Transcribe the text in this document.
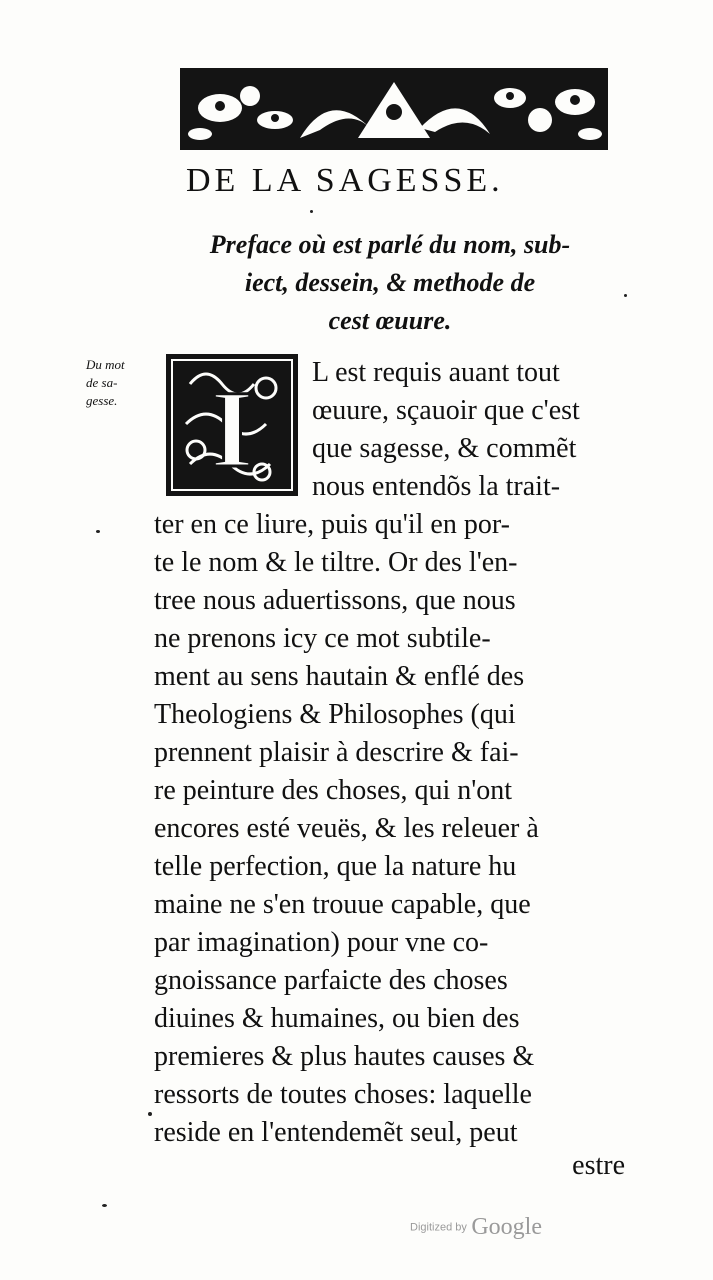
DE LA SAGESSE.
Preface où est parlé du nom, sub-
iect, dessein, & methode de
cest œuure.
Du mot
de sa-
gesse. I L est requis auant tout
œuure, sçauoir que c'est
que sagesse, & commẽt
nous entendõs la trait-
ter en ce liure, puis qu'il en por-
te le nom & le tiltre. Or des l'en-
tree nous aduertissons, que nous
ne prenons icy ce mot subtile-
ment au sens hautain & enflé des
Theologiens & Philosophes (qui
prennent plaisir à descrire & fai-
re peinture des choses, qui n'ont
encores esté veuës, & les releuer à
telle perfection, que la nature hu
maine ne s'en trouue capable, que
par imagination) pour vne co-
gnoissance parfaicte des choses
diuines & humaines, ou bien des
premieres & plus hautes causes &
ressorts de toutes choses: laquelle
reside en l'entendemẽt seul, peut
estre
Digitized by Google
